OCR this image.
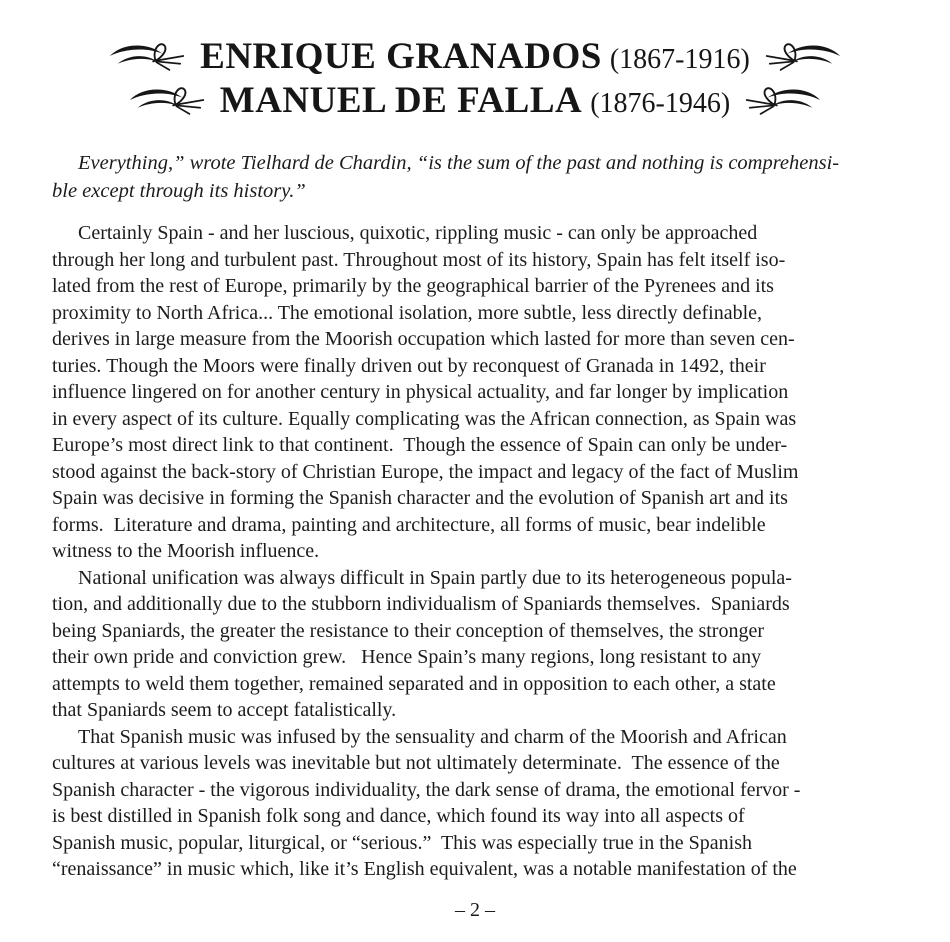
ENRIQUE GRANADOS (1867-1916)
MANUEL DE FALLA (1876-1946)
Everything,” wrote Tielhard de Chardin, “is the sum of the past and nothing is comprehensi-
ble except through its history.”
Certainly Spain - and her luscious, quixotic, rippling music - can only be approached
through her long and turbulent past. Throughout most of its history, Spain has felt itself iso-
lated from the rest of Europe, primarily by the geographical barrier of the Pyrenees and its
proximity to North Africa... The emotional isolation, more subtle, less directly definable,
derives in large measure from the Moorish occupation which lasted for more than seven cen-
turies. Though the Moors were finally driven out by reconquest of Granada in 1492, their
influence lingered on for another century in physical actuality, and far longer by implication
in every aspect of its culture. Equally complicating was the African connection, as Spain was
Europe’s most direct link to that continent.  Though the essence of Spain can only be under-
stood against the back-story of Christian Europe, the impact and legacy of the fact of Muslim
Spain was decisive in forming the Spanish character and the evolution of Spanish art and its
forms.  Literature and drama, painting and architecture, all forms of music, bear indelible
witness to the Moorish influence.
National unification was always difficult in Spain partly due to its heterogeneous popula-
tion, and additionally due to the stubborn individualism of Spaniards themselves.  Spaniards
being Spaniards, the greater the resistance to their conception of themselves, the stronger
their own pride and conviction grew.   Hence Spain’s many regions, long resistant to any
attempts to weld them together, remained separated and in opposition to each other, a state
that Spaniards seem to accept fatalistically.
That Spanish music was infused by the sensuality and charm of the Moorish and African
cultures at various levels was inevitable but not ultimately determinate.  The essence of the
Spanish character - the vigorous individuality, the dark sense of drama, the emotional fervor -
is best distilled in Spanish folk song and dance, which found its way into all aspects of
Spanish music, popular, liturgical, or “serious.”  This was especially true in the Spanish
“renaissance” in music which, like it’s English equivalent, was a notable manifestation of the
– 2 –
